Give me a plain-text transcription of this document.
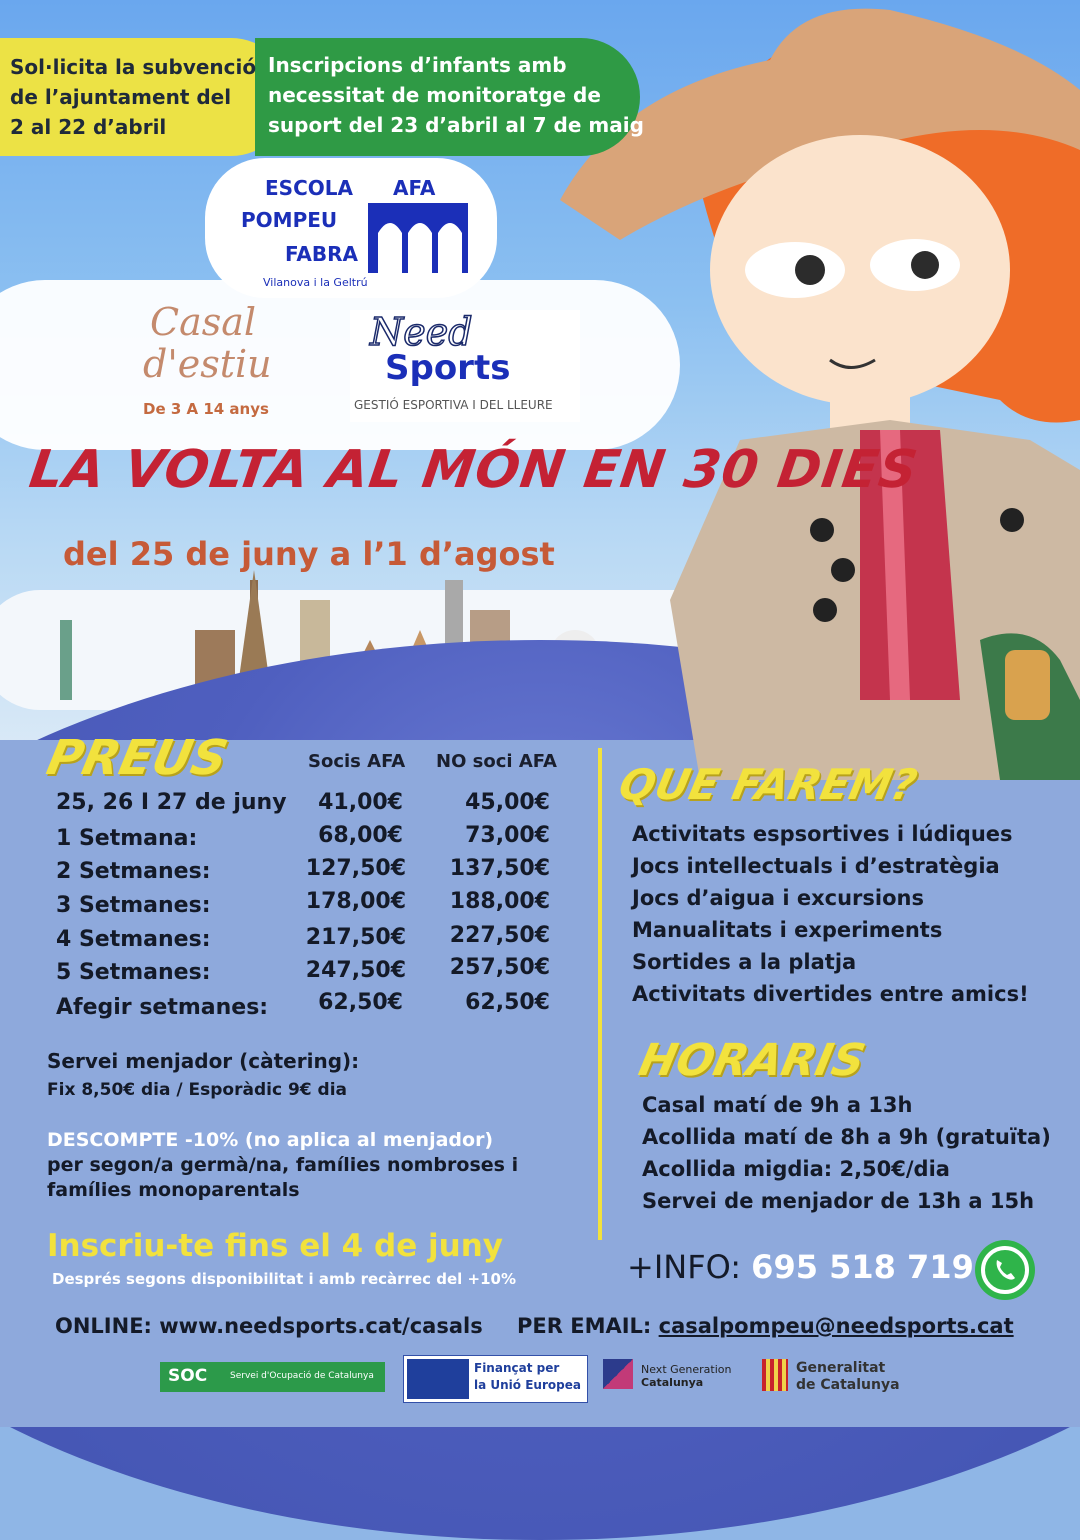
Sol·licita la subvenció
de l’ajuntament del
2 al 22 d’abril
Inscripcions d’infants amb
necessitat de monitoratge de
suport del 23 d’abril al 7 de maig
ESCOLA
POMPEU
FABRA
AFA
Vilanova i la Geltrú
Casal
d'estiu
De 3 A 14 anys
Need
Sports
GESTIÓ ESPORTIVA I DEL LLEURE
LA VOLTA AL MÓN EN 30 DIES
del 25 de juny a l’1 d’agost
PREUS	Socis AFA NO soci AFA
25, 26 I 27 de juny	41,00€	45,00€
1 Setmana:	68,00€	73,00€
2 Setmanes:	127,50€	137,50€
3 Setmanes:	178,00€	188,00€
4 Setmanes:	217,50€	227,50€
5 Setmanes:	247,50€	257,50€
Afegir setmanes:	62,50€	62,50€
Servei menjador (càtering):
Fix 8,50€ dia / Esporàdic 9€ dia
DESCOMPTE -10% (no aplica al menjador)
per segon/a germà/na, famílies nombroses i
famílies monoparentals
Inscriu-te fins el 4 de juny
Després segons disponibilitat i amb recàrrec del +10%
QUE FAREM?
Activitats espsortives i lúdiques
Jocs intellectuals i d’estratègia
Jocs d’aigua i excursions
Manualitats i experiments
Sortides a la platja
Activitats divertides entre amics!
HORARIS
Casal matí de 9h a 13h
Acollida matí de 8h a 9h (gratuïta)
Acollida migdia: 2,50€/dia
Servei de menjador de 13h a 15h
+INFO: 695 518 719
ONLINE: www.needsports.cat/casals PER EMAIL: casalpompeu@needsports.cat
SOC	Servei d'Ocupació de Catalunya
Finançat per
la Unió Europea
Next Generation
Catalunya
Generalitat
de Catalunya
